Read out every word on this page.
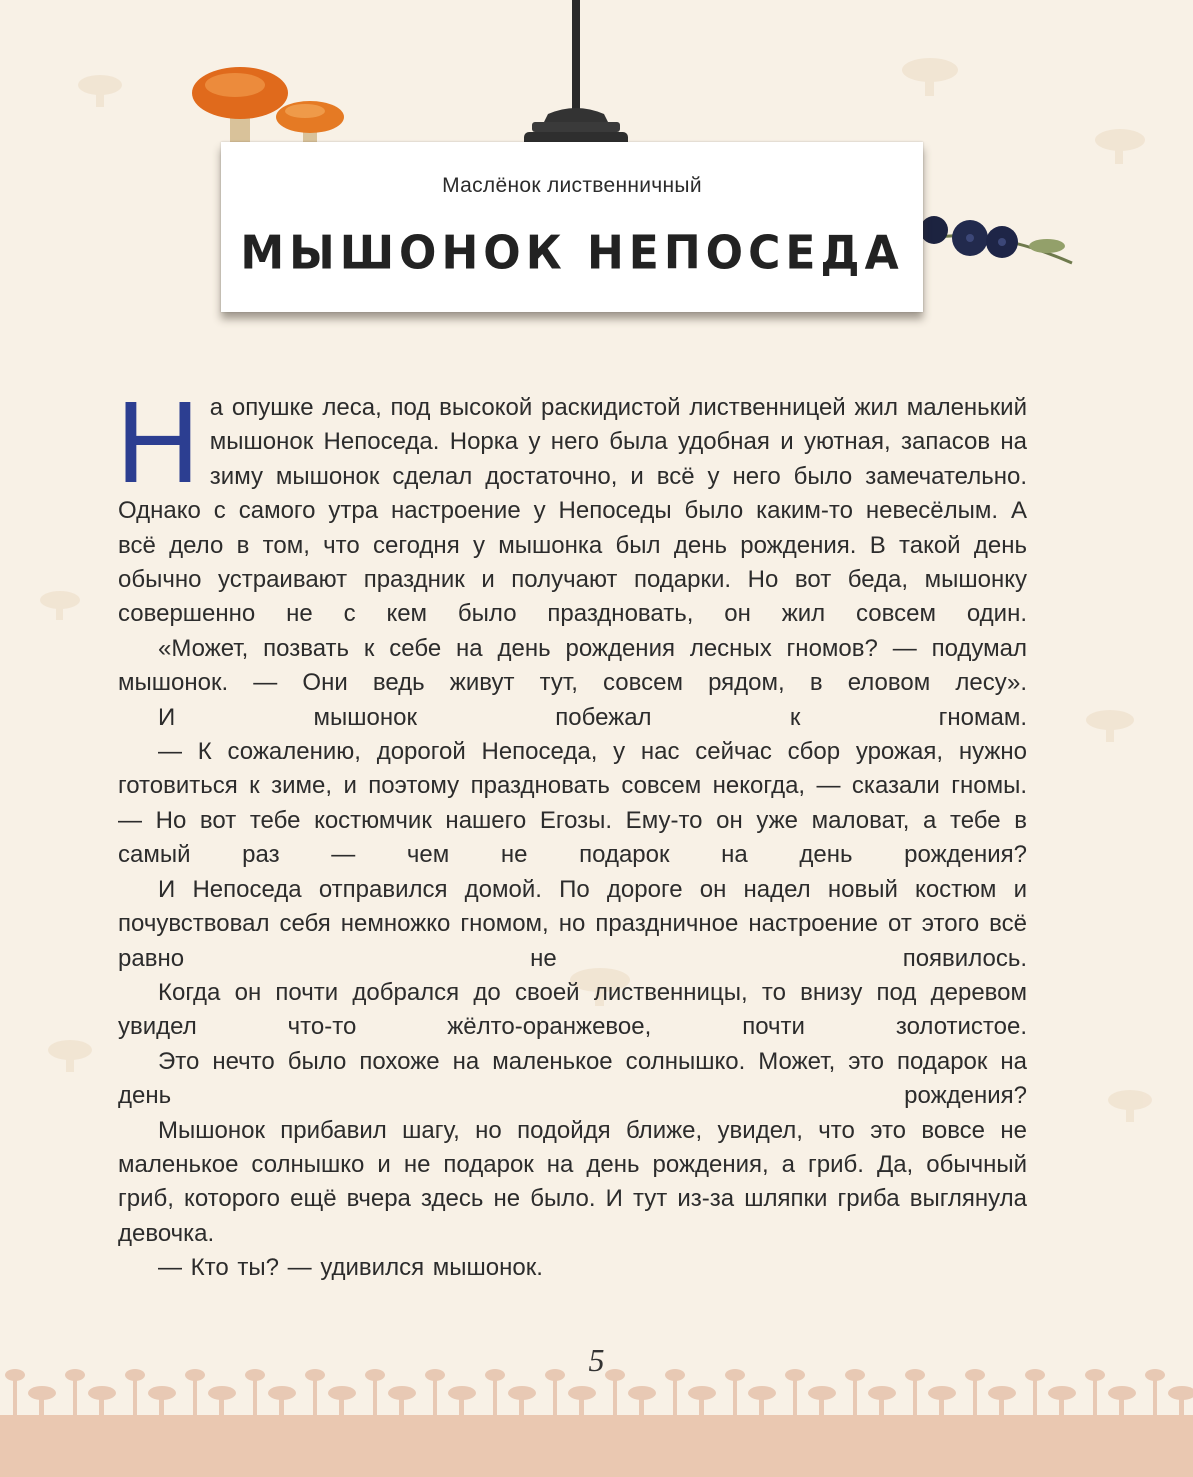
Маслёнок лиственничный
МЫШОНОК НЕПОСЕДА

На опушке леса, под высокой раскидистой лиственницей жил маленький мышонок Непоседа. Норка у него была удобная и уютная, запасов на зиму мышонок сделал достаточно, и всё у него было замечательно. Однако с самого утра настроение у Непоседы было каким-то невесёлым. А всё дело в том, что сегодня у мышонка был день рождения. В такой день обычно устраивают праздник и получают подарки. Но вот беда, мышонку совершенно не с кем было праздновать, он жил совсем один.

«Может, позвать к себе на день рождения лесных гномов? — подумал мышонок. — Они ведь живут тут, совсем рядом, в еловом лесу».

И мышонок побежал к гномам.

— К сожалению, дорогой Непоседа, у нас сейчас сбор урожая, нужно готовиться к зиме, и поэтому праздновать совсем некогда, — сказали гномы. — Но вот тебе костюмчик нашего Егозы. Ему-то он уже маловат, а тебе в самый раз — чем не подарок на день рождения?

И Непоседа отправился домой. По дороге он надел новый костюм и почувствовал себя немножко гномом, но праздничное настроение от этого всё равно не появилось.

Когда он почти добрался до своей лиственницы, то внизу под деревом увидел что-то жёлто-оранжевое, почти золотистое.

Это нечто было похоже на маленькое солнышко. Может, это подарок на день рождения?

Мышонок прибавил шагу, но подойдя ближе, увидел, что это вовсе не маленькое солнышко и не подарок на день рождения, а гриб. Да, обычный гриб, которого ещё вчера здесь не было. И тут из-за шляпки гриба выглянула девочка.

— Кто ты? — удивился мышонок.

5
